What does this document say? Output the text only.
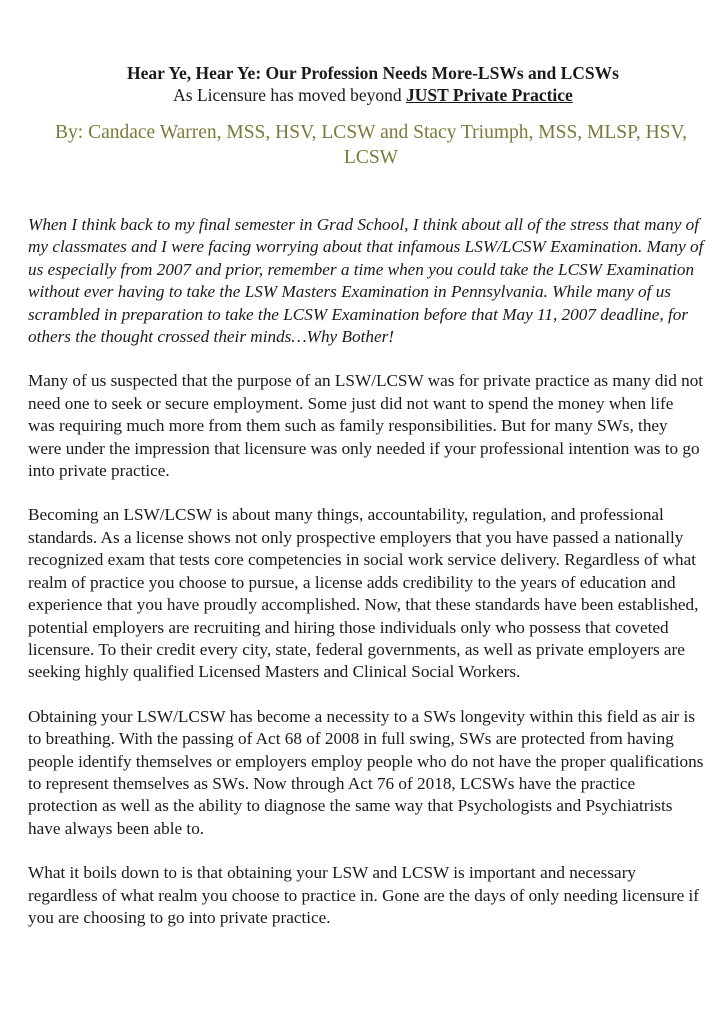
Hear Ye, Hear Ye: Our Profession Needs More-LSWs and LCSWs

As Licensure has moved beyond JUST Private Practice

By: Candace Warren, MSS, HSV, LCSW and Stacy Triumph, MSS, MLSP, HSV, LCSW

When I think back to my final semester in Grad School, I think about all of the stress that many of my classmates and I were facing worrying about that infamous LSW/LCSW Examination. Many of us especially from 2007 and prior, remember a time when you could take the LCSW Examination without ever having to take the LSW Masters Examination in Pennsylvania. While many of us scrambled in preparation to take the LCSW Examination before that May 11, 2007 deadline, for others the thought crossed their minds…Why Bother!

Many of us suspected that the purpose of an LSW/LCSW was for private practice as many did not need one to seek or secure employment. Some just did not want to spend the money when life was requiring much more from them such as family responsibilities. But for many SWs, they were under the impression that licensure was only needed if your professional intention was to go into private practice.

Becoming an LSW/LCSW is about many things, accountability, regulation, and professional standards. As a license shows not only prospective employers that you have passed a nationally recognized exam that tests core competencies in social work service delivery. Regardless of what realm of practice you choose to pursue, a license adds credibility to the years of education and experience that you have proudly accomplished. Now, that these standards have been established, potential employers are recruiting and hiring those individuals only who possess that coveted licensure. To their credit every city, state, federal governments, as well as private employers are seeking highly qualified Licensed Masters and Clinical Social Workers.

Obtaining your LSW/LCSW has become a necessity to a SWs longevity within this field as air is to breathing. With the passing of Act 68 of 2008 in full swing, SWs are protected from having people identify themselves or employers employ people who do not have the proper qualifications to represent themselves as SWs. Now through Act 76 of 2018, LCSWs have the practice protection as well as the ability to diagnose the same way that Psychologists and Psychiatrists have always been able to.

What it boils down to is that obtaining your LSW and LCSW is important and necessary regardless of what realm you choose to practice in. Gone are the days of only needing licensure if you are choosing to go into private practice.
